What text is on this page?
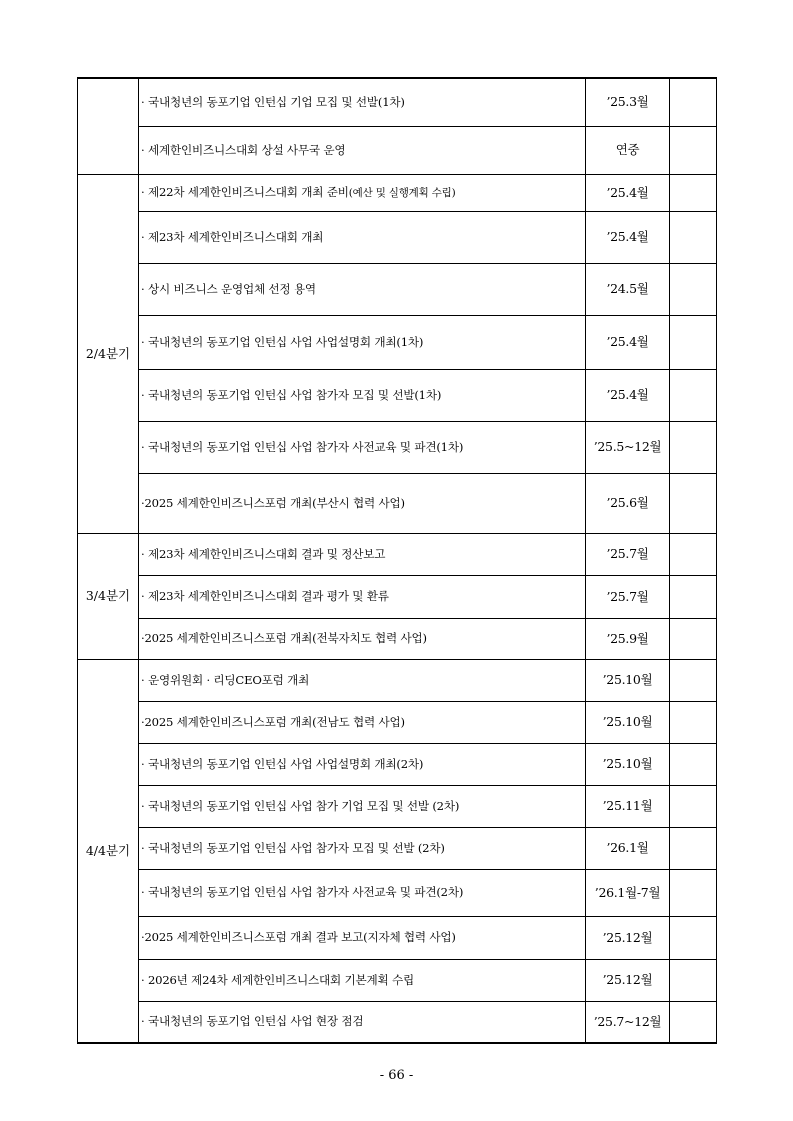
	· 국내청년의 동포기업 인턴십 기업 모집 및 선발(1차)	’25.3월	
	· 세계한인비즈니스대회 상설 사무국 운영	연중	
2/4분기	· 제22차 세계한인비즈니스대회 개최 준비(예산 및 실행계획 수립)	’25.4월	
	· 제23차 세계한인비즈니스대회 개최	’25.4월	
	· 상시 비즈니스 운영업체 선정 용역	’24.5월	
	· 국내청년의 동포기업 인턴십 사업 사업설명회 개최(1차)	’25.4월	
	· 국내청년의 동포기업 인턴십 사업 참가자 모집 및 선발(1차)	’25.4월	
	· 국내청년의 동포기업 인턴십 사업 참가자 사전교육 및 파견(1차)	’25.5~12월	
	·2025 세계한인비즈니스포럼 개최(부산시 협력 사업)	’25.6월	
3/4분기	· 제23차 세계한인비즈니스대회 결과 및 정산보고	’25.7월	
	· 제23차 세계한인비즈니스대회 결과 평가 및 환류	’25.7월	
	·2025 세계한인비즈니스포럼 개최(전북자치도 협력 사업)	’25.9월	
4/4분기	· 운영위원회 · 리딩CEO포럼 개최	’25.10월	
	·2025 세계한인비즈니스포럼 개최(전남도 협력 사업)	’25.10월	
	· 국내청년의 동포기업 인턴십 사업 사업설명회 개최(2차)	’25.10월	
	· 국내청년의 동포기업 인턴십 사업 참가 기업 모집 및 선발 (2차)	’25.11월	
	· 국내청년의 동포기업 인턴십 사업 참가자 모집 및 선발 (2차)	’26.1월	
	· 국내청년의 동포기업 인턴십 사업 참가자 사전교육 및 파견(2차)	’26.1월-7월	
	·2025 세계한인비즈니스포럼 개최 결과 보고(지자체 협력 사업)	’25.12월	
	· 2026년 제24차 세계한인비즈니스대회 기본계획 수립	’25.12월	
	· 국내청년의 동포기업 인턴십 사업 현장 점검	’25.7~12월	
- 66 -
